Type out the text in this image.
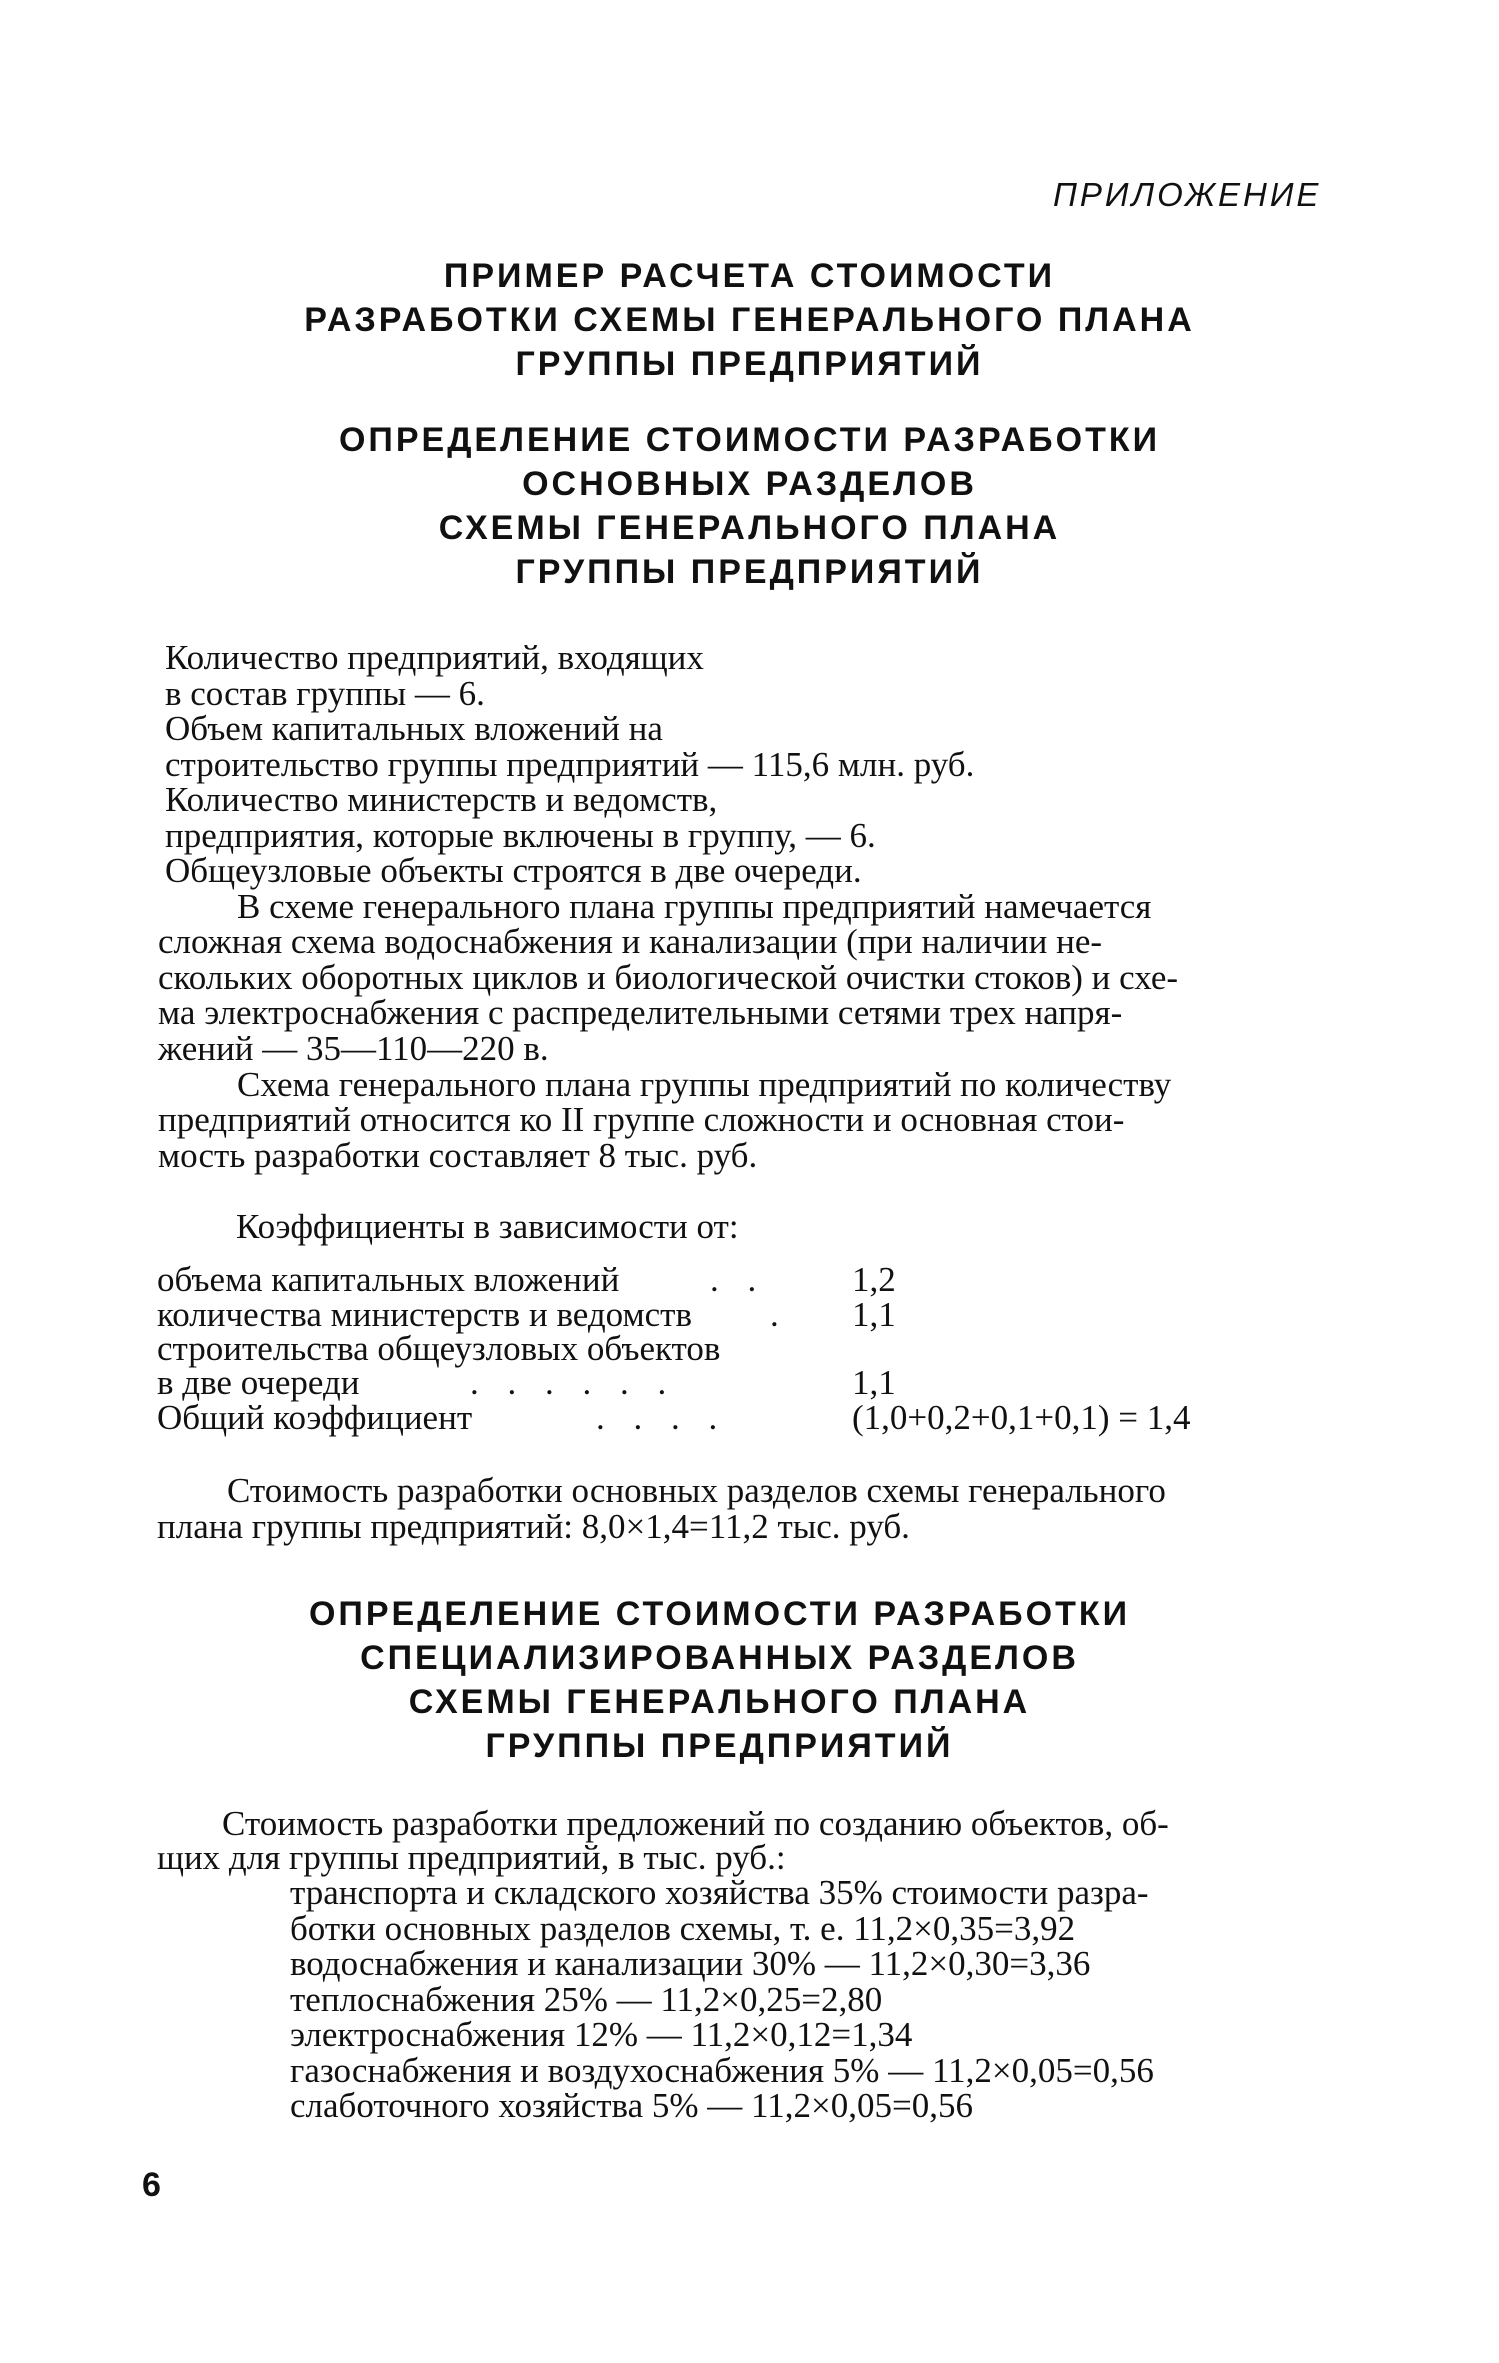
ПРИЛОЖЕНИЕ
ПРИМЕР РАСЧЕТА СТОИМОСТИ
РАЗРАБОТКИ СХЕМЫ ГЕНЕРАЛЬНОГО ПЛАНА
ГРУППЫ ПРЕДПРИЯТИЙ
ОПРЕДЕЛЕНИЕ СТОИМОСТИ РАЗРАБОТКИ
ОСНОВНЫХ РАЗДЕЛОВ
СХЕМЫ ГЕНЕРАЛЬНОГО ПЛАНА
ГРУППЫ ПРЕДПРИЯТИЙ
Количество предприятий, входящих
в состав группы — 6.
Объем капитальных вложений на
строительство группы предприятий — 115,6 млн. руб.
Количество министерств и ведомств,
предприятия, которые включены в группу, — 6.
Общеузловые объекты строятся в две очереди.
В схеме генерального плана группы предприятий намечается
сложная схема водоснабжения и канализации (при наличии не-
скольких оборотных циклов и биологической очистки стоков) и схе-
ма электроснабжения с распределительными сетями трех напря-
жений — 35—110—220 в.
Схема генерального плана группы предприятий по количеству
предприятий относится ко II группе сложности и основная стои-
мость разработки составляет 8 тыс. руб.
Коэффициенты в зависимости от:
объема капитальных вложений	. . 1,2
количества министерств и ведомств . 1,1
строительства общеузловых объектов
в две очереди	. . . . . .	1,1
Общий коэффициент	. . . .	(1,0+0,2+0,1+0,1) = 1,4
Стоимость разработки основных разделов схемы генерального
плана группы предприятий: 8,0×1,4=11,2 тыс. руб.
ОПРЕДЕЛЕНИЕ СТОИМОСТИ РАЗРАБОТКИ
СПЕЦИАЛИЗИРОВАННЫХ РАЗДЕЛОВ
СХЕМЫ ГЕНЕРАЛЬНОГО ПЛАНА
ГРУППЫ ПРЕДПРИЯТИЙ
Стоимость разработки предложений по созданию объектов, об-
щих для группы предприятий, в тыс. руб.:
транспорта и складского хозяйства 35% стоимости разра-
ботки основных разделов схемы, т. е. 11,2×0,35=3,92
водоснабжения и канализации 30% — 11,2×0,30=3,36
теплоснабжения 25% — 11,2×0,25=2,80
электроснабжения 12% — 11,2×0,12=1,34
газоснабжения и воздухоснабжения 5% — 11,2×0,05=0,56
слаботочного хозяйства 5% — 11,2×0,05=0,56
6
